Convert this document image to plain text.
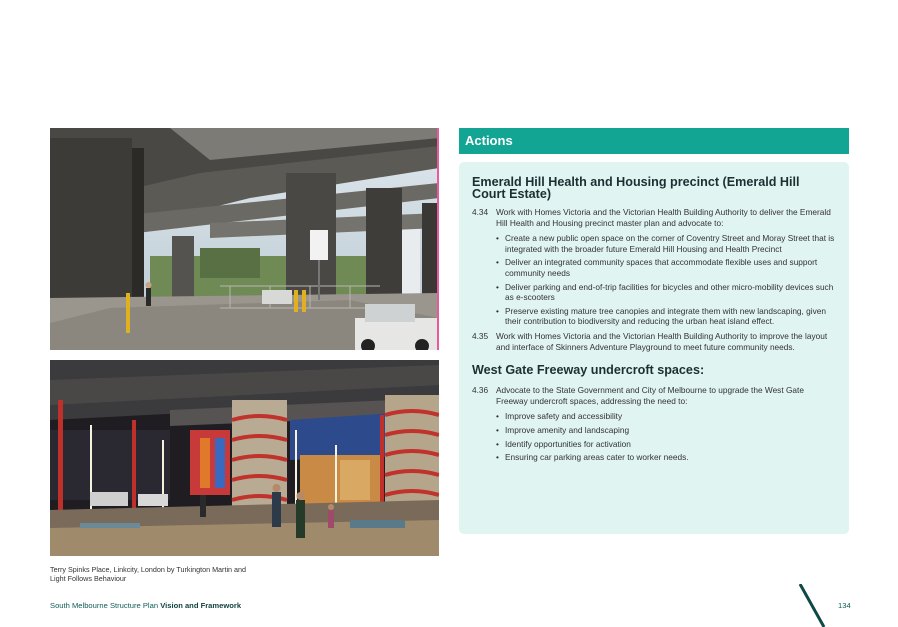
Terry Spinks Place, Linkcity, London by Turkington Martin and Light Follows Behaviour
Actions
Emerald Hill Health and Housing precinct (Emerald Hill Court Estate)
4.34 Work with Homes Victoria and the Victorian Health Building Authority to deliver the Emerald Hill Health and Housing precinct master plan and advocate to:
• Create a new public open space on the corner of Coventry Street and Moray Street that is integrated with the broader future Emerald Hill Housing and Health Precinct
• Deliver an integrated community spaces that accommodate flexible uses and support community needs
• Deliver parking and end-of-trip facilities for bicycles and other micro-mobility devices such as e-scooters
• Preserve existing mature tree canopies and integrate them with new landscaping, given their contribution to biodiversity and reducing the urban heat island effect.
4.35 Work with Homes Victoria and the Victorian Health Building Authority to improve the layout and interface of Skinners Adventure Playground to meet future community needs.
West Gate Freeway undercroft spaces:
4.36 Advocate to the State Government and City of Melbourne to upgrade the West Gate Freeway undercroft spaces, addressing the need to:
• Improve safety and accessibility
• Improve amenity and landscaping
• Identify opportunities for activation
• Ensuring car parking areas cater to worker needs.
South Melbourne Structure Plan Vision and Framework	134
